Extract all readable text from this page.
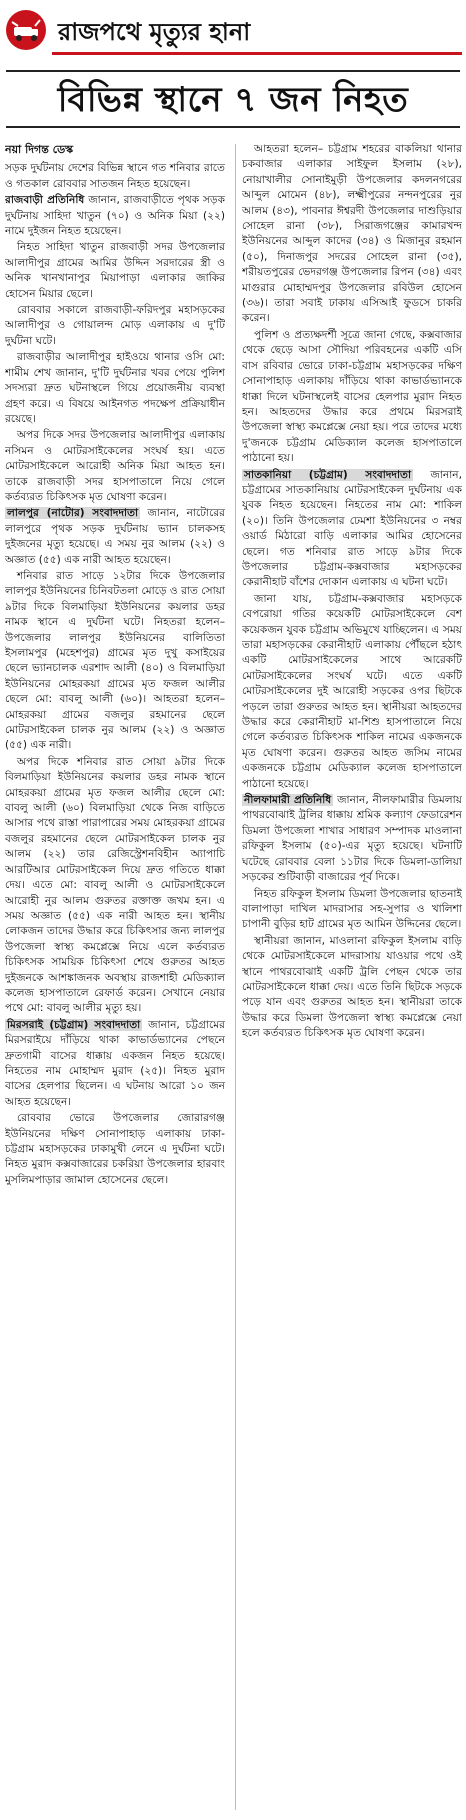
রাজপথে মৃত্যুর হানা
বিভিন্ন স্থানে ৭ জন নিহত
নয়া দিগন্ত ডেস্ক

সড়ক দুর্ঘটনায় দেশের বিভিন্ন স্থানে গত শনিবার রাতে ও গতকাল রোববার সাতজন নিহত হয়েছেন।

রাজবাড়ী প্রতিনিধি জানান, রাজবাড়ীতে পৃথক সড়ক দুর্ঘটনায় সাহিদা খাতুন (৭০) ও অনিক মিয়া (২২) নামে দুইজন নিহত হয়েছেন।

নিহত সাহিদা খাতুন রাজবাড়ী সদর উপজেলার আলাদীপুর গ্রামের আমির উদ্দিন সরদারের স্ত্রী ও অনিক খানখানাপুর মিয়াপাড়া এলাকার জাকির হোসেন মিয়ার ছেলে।

রোববার সকালে রাজবাড়ী-ফরিদপুর মহাসড়কের আলাদীপুর ও গোয়ালন্দ মোড় এলাকায় এ দু'টি দুর্ঘটনা ঘটে।

রাজবাড়ীর আলাদীপুর হাইওয়ে থানার ওসি মো: শামীম শেখ জানান, দু'টি দুর্ঘটনার খবর পেয়ে পুলিশ সদস্যরা দ্রুত ঘটনাস্থলে গিয়ে প্রয়োজনীয় ব্যবস্থা গ্রহণ করে। এ বিষয়ে আইনগত পদক্ষেপ প্রক্রিয়াধীন রয়েছে।

অপর দিকে সদর উপজেলার আলাদীপুর এলাকায় নসিমন ও মোটরসাইকেলের সংঘর্ষ হয়। এতে মোটরসাইকেলে আরোহী অনিক মিয়া আহত হন। তাকে রাজবাড়ী সদর হাসপাতালে নিয়ে গেলে কর্তব্যরত চিকিৎসক মৃত ঘোষণা করেন।

লালপুর (নাটোর) সংবাদদাতা জানান, নাটোরের লালপুরে পৃথক সড়ক দুর্ঘটনায় ভ্যান চালকসহ দুইজনের মৃত্যু হয়েছে। এ সময় নুর আলম (২২) ও অজ্ঞাত (৫৫) এক নারী আহত হয়েছেন।

শনিবার রাত সাড়ে ১২টার দিকে উপজেলার লালপুর ইউনিয়নের চিনিবটতলা মোড়ে ও রাত সোয়া ৯টার দিকে বিলমাড়িয়া ইউনিয়নের কয়লার ডহর নামক স্থানে এ দুর্ঘটনা ঘটে। নিহতরা হলেন– উপজেলার লালপুর ইউনিয়নের বালিতিতা ইসলামপুর (মহেশপুর) গ্রামের মৃত দুখু কসাইয়ের ছেলে ভ্যানচালক এরশাদ আলী (৪০) ও বিলমাড়িয়া ইউনিয়নের মোহরকয়া গ্রামের মৃত ফজল আলীর ছেলে মো: বাবলু আলী (৬০)। আহতরা হলেন– মোহরকয়া গ্রামের বজলুর রহমানের ছেলে মোটরসাইকেল চালক নুর আলম (২২) ও অজ্ঞাত (৫৫) এক নারী।

অপর দিকে শনিবার রাত সোয়া ৯টার দিকে বিলমাড়িয়া ইউনিয়নের কয়লার ডহর নামক স্থানে মোহরকয়া গ্রামের মৃত ফজল আলীর ছেলে মো: বাবলু আলী (৬০) বিলমাড়িয়া থেকে নিজ বাড়িতে আসার পথে রাস্তা পারাপারের সময় মোহরকয়া গ্রামের বজলুর রহমানের ছেলে মোটরসাইকেল চালক নুর আলম (২২) তার রেজিস্ট্রেশনবিহীন অ্যাপাচি আরটিআর মোটরসাইকেল দিয়ে দ্রুত গতিতে ধাক্কা দেয়। এতে মো: বাবলু আলী ও মোটরসাইকেলে আরোহী নুর আলম গুরুতর রক্তাক্ত জখম হন। এ সময় অজ্ঞাত (৫৫) এক নারী আহত হন। স্থানীয় লোকজন তাদের উদ্ধার করে চিকিৎসার জন্য লালপুর উপজেলা স্বাস্থ্য কমপ্লেক্সে নিয়ে এলে কর্তব্যরত চিকিৎসক সাময়িক চিকিৎসা শেষে গুরুতর আহত দুইজনকে আশঙ্কাজনক অবস্থায় রাজশাহী মেডিক্যাল কলেজ হাসপাতালে রেফার্ড করেন। সেখানে নেয়ার পথে মো: বাবলু আলীর মৃত্যু হয়।

মিরসরাই (চট্টগ্রাম) সংবাদদাতা জানান, চট্টগ্রামের মিরসরাইয়ে দাঁড়িয়ে থাকা কাভার্ডভ্যানের পেছনে দ্রুতগামী বাসের ধাক্কায় একজন নিহত হয়েছে। নিহতের নাম মোহাম্মদ মুরাদ (২৫)। নিহত মুরাদ বাসের হেলপার ছিলেন। এ ঘটনায় আরো ১০ জন আহত হয়েছেন।

রোববার ভোরে উপজেলার জোরারগঞ্জ ইউনিয়নের দক্ষিণ সোনাপাহাড় এলাকায় ঢাকা-চট্টগ্রাম মহাসড়কের ঢাকামুখী লেনে এ দুর্ঘটনা ঘটে। নিহত মুরাদ কক্সবাজারের চকরিয়া উপজেলার হারবাং মুসলিমপাড়ার জামাল হোসেনের ছেলে।

আহতরা হলেন– চট্টগ্রাম শহরের বাকলিয়া থানার চকবাজার এলাকার সাইফুল ইসলাম (২৮), নোয়াখালীর সোনাইমুড়ী উপজেলার কদলনগরের আব্দুল মোমেন (৪৮), লক্ষ্মীপুরের নন্দনপুরের নুর আলম (৪৩), পাবনার ঈশ্বরদী উপজেলার দাশুড়িয়ার সোহেল রানা (৩৮), সিরাজগঞ্জের কামারখন্দ ইউনিয়নের আব্দুল কাদের (৩৪) ও মিজানুর রহমান (৫০), দিনাজপুর সদরের সোহেল রানা (৩৫), শরীয়তপুরের ভেদরগঞ্জ উপজেলার রিপন (৩৪) এবং মাগুরার মোহাম্মদপুর উপজেলার রবিউল হোসেন (৩৬)। তারা সবাই ঢাকায় এসিআই ফুডসে চাকরি করেন।

পুলিশ ও প্রত্যক্ষদর্শী সূত্রে জানা গেছে, কক্সবাজার থেকে ছেড়ে আসা সৌদিয়া পরিবহনের একটি এসি বাস রবিবার ভোরে ঢাকা-চট্টগ্রাম মহাসড়কের দক্ষিণ সোনাপাহাড় এলাকায় দাঁড়িয়ে থাকা কাভার্ডভ্যানকে ধাক্কা দিলে ঘটনাস্থলেই বাসের হেলপার মুরাদ নিহত হন। আহতদের উদ্ধার করে প্রথমে মিরসরাই উপজেলা স্বাস্থ্য কমপ্লেক্সে নেয়া হয়। পরে তাদের মধ্যে দু'জনকে চট্টগ্রাম মেডিক্যাল কলেজ হাসপাতালে পাঠানো হয়।

সাতকানিয়া (চট্টগ্রাম) সংবাদদাতা জানান, চট্টগ্রামের সাতকানিয়ায় মোটরসাইকেল দুর্ঘটনায় এক যুবক নিহত হয়েছেন। নিহতের নাম মো: শাকিল (২০)। তিনি উপজেলার ঢেমশা ইউনিয়নের ৩ নম্বর ওয়ার্ড মিঠারো বাড়ি এলাকার আমির হোসেনের ছেলে। গত শনিবার রাত সাড়ে ৯টার দিকে উপজেলার চট্টগ্রাম-কক্সবাজার মহাসড়কের কেরানীহাট বাঁশের দোকান এলাকায় এ ঘটনা ঘটে।

জানা যায়, চট্টগ্রাম-কক্সবাজার মহাসড়কে বেপরোয়া গতির কয়েকটি মোটরসাইকেলে বেশ কয়েকজন যুবক চট্টগ্রাম অভিমুখে যাচ্ছিলেন। এ সময় তারা মহাসড়কের কেরানীহাট এলাকায় পৌঁছলে হঠাৎ একটি মোটরসাইকেলের সাথে আরেকটি মোটরসাইকেলের সংঘর্ষ ঘটে। এতে একটি মোটরসাইকেলের দুই আরোহী সড়কের ওপর ছিটকে পড়লে তারা গুরুতর আহত হন। স্থানীয়রা আহতদের উদ্ধার করে কেরানীহাট মা-শিশু হাসপাতালে নিয়ে গেলে কর্তব্যরত চিকিৎসক শাকিল নামের একজনকে মৃত ঘোষণা করেন। গুরুতর আহত জসিম নামের একজনকে চট্টগ্রাম মেডিক্যাল কলেজ হাসপাতালে পাঠানো হয়েছে।

নীলফামারী প্রতিনিধি জানান, নীলফামারীর ডিমলায় পাথরবোঝাই ট্রলির ধাক্কায় শ্রমিক কল্যাণ ফেডারেশন ডিমলা উপজেলা শাখার সাধারণ সম্পাদক মাওলানা রফিকুল ইসলাম (৫০)-এর মৃত্যু হয়েছে। ঘটনাটি ঘটেছে রোববার বেলা ১১টার দিকে ডিমলা-ডালিয়া সড়কের শুটিবাড়ী বাজারের পূর্ব দিকে।

নিহত রফিকুল ইসলাম ডিমলা উপজেলার ছাতনাই বালাপাড়া দাখিল মাদরাসার সহ-সুপার ও খালিশা চাপানী বুড়ির হাট গ্রামের মৃত আমিন উদ্দিনের ছেলে।

স্থানীয়রা জানান, মাওলানা রফিকুল ইসলাম বাড়ি থেকে মোটরসাইকেলে মাদরাসায় যাওয়ার পথে ওই স্থানে পাথরবোঝাই একটি ট্রলি পেছন থেকে তার মোটরসাইকেলে ধাক্কা দেয়। এতে তিনি ছিটকে সড়কে পড়ে যান এবং গুরুতর আহত হন। স্থানীয়রা তাকে উদ্ধার করে ডিমলা উপজেলা স্বাস্থ্য কমপ্লেক্সে নেয়া হলে কর্তব্যরত চিকিৎসক মৃত ঘোষণা করেন।
